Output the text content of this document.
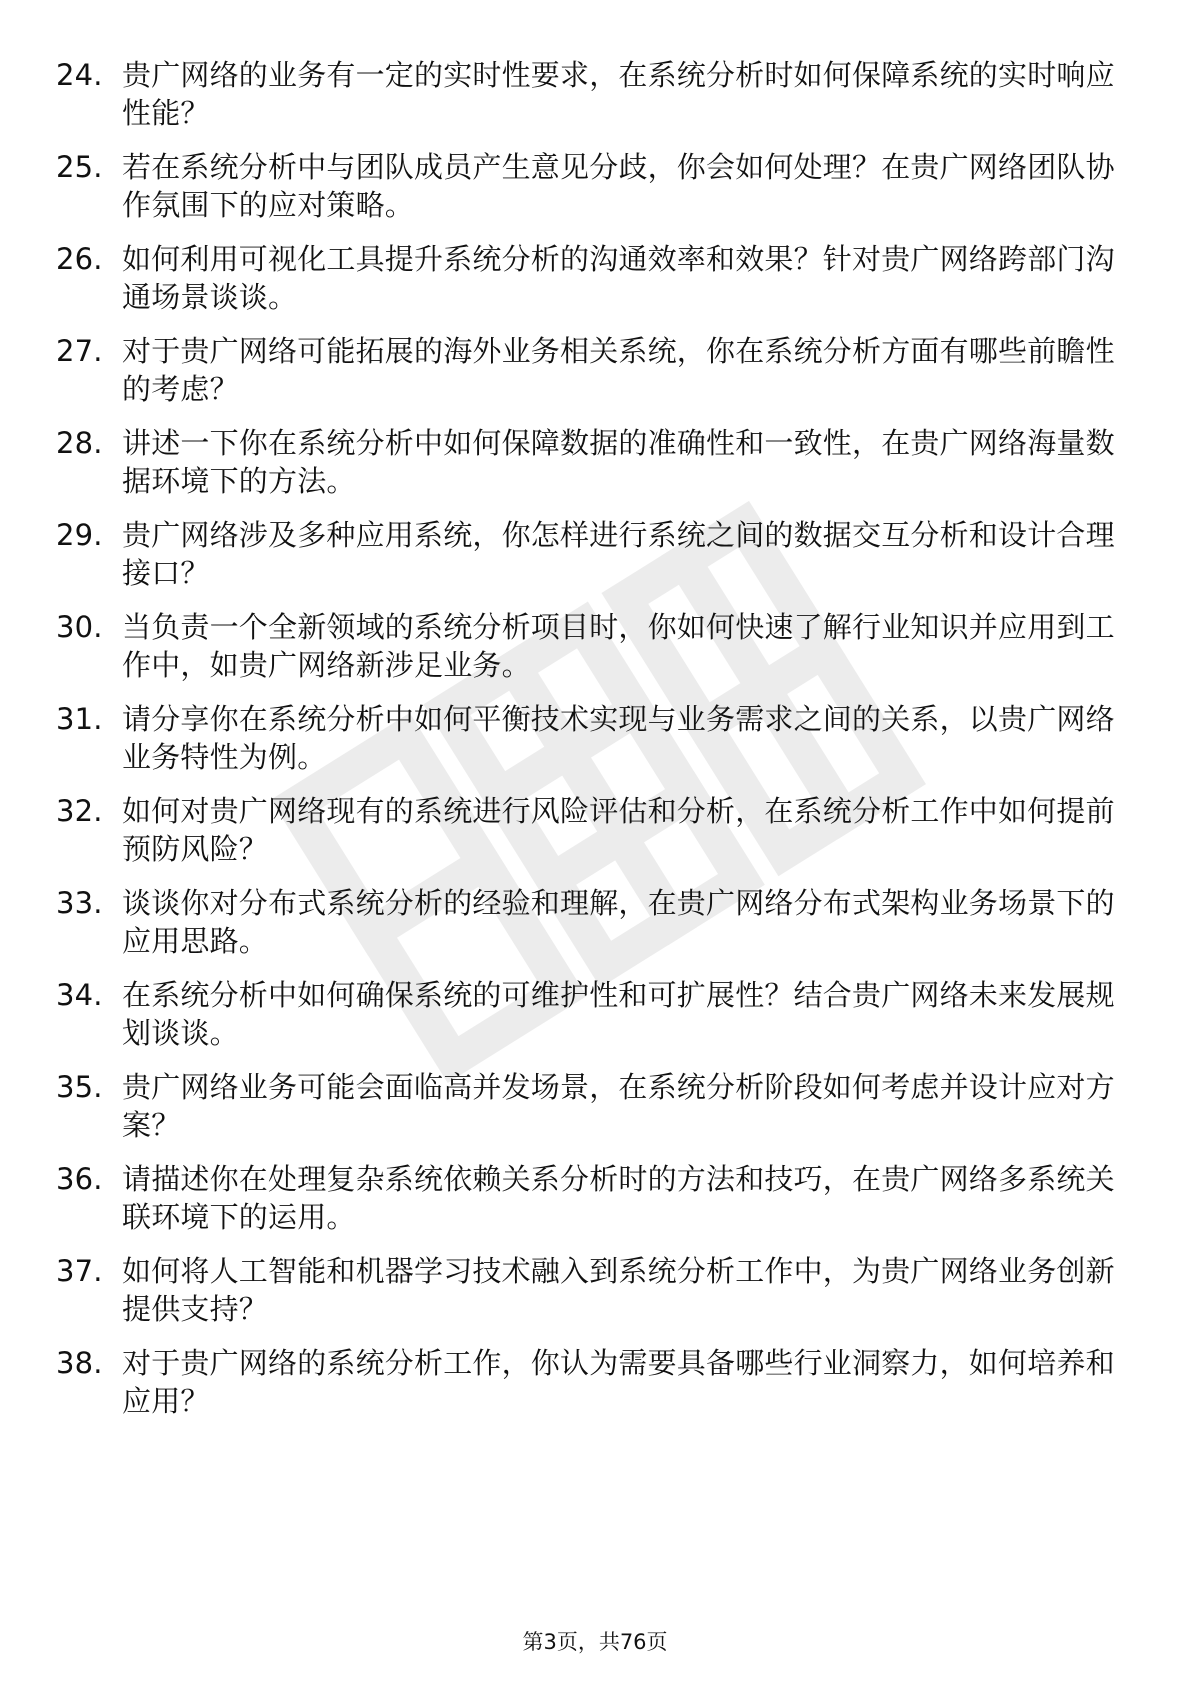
24. 贵广网络的业务有一定的实时性要求，在系统分析时如何保障系统的实时响应性能？
25. 若在系统分析中与团队成员产生意见分歧，你会如何处理？在贵广网络团队协作氛围下的应对策略。
26. 如何利用可视化工具提升系统分析的沟通效率和效果？针对贵广网络跨部门沟通场景谈谈。
27. 对于贵广网络可能拓展的海外业务相关系统，你在系统分析方面有哪些前瞻性的考虑？
28. 讲述一下你在系统分析中如何保障数据的准确性和一致性，在贵广网络海量数据环境下的方法。
29. 贵广网络涉及多种应用系统，你怎样进行系统之间的数据交互分析和设计合理接口？
30. 当负责一个全新领域的系统分析项目时，你如何快速了解行业知识并应用到工作中，如贵广网络新涉足业务。
31. 请分享你在系统分析中如何平衡技术实现与业务需求之间的关系，以贵广网络业务特性为例。
32. 如何对贵广网络现有的系统进行风险评估和分析，在系统分析工作中如何提前预防风险？
33. 谈谈你对分布式系统分析的经验和理解，在贵广网络分布式架构业务场景下的应用思路。
34. 在系统分析中如何确保系统的可维护性和可扩展性？结合贵广网络未来发展规划谈谈。
35. 贵广网络业务可能会面临高并发场景，在系统分析阶段如何考虑并设计应对方案？
36. 请描述你在处理复杂系统依赖关系分析时的方法和技巧，在贵广网络多系统关联环境下的运用。
37. 如何将人工智能和机器学习技术融入到系统分析工作中，为贵广网络业务创新提供支持？
38. 对于贵广网络的系统分析工作，你认为需要具备哪些行业洞察力，如何培养和应用？
第3页，共76页
